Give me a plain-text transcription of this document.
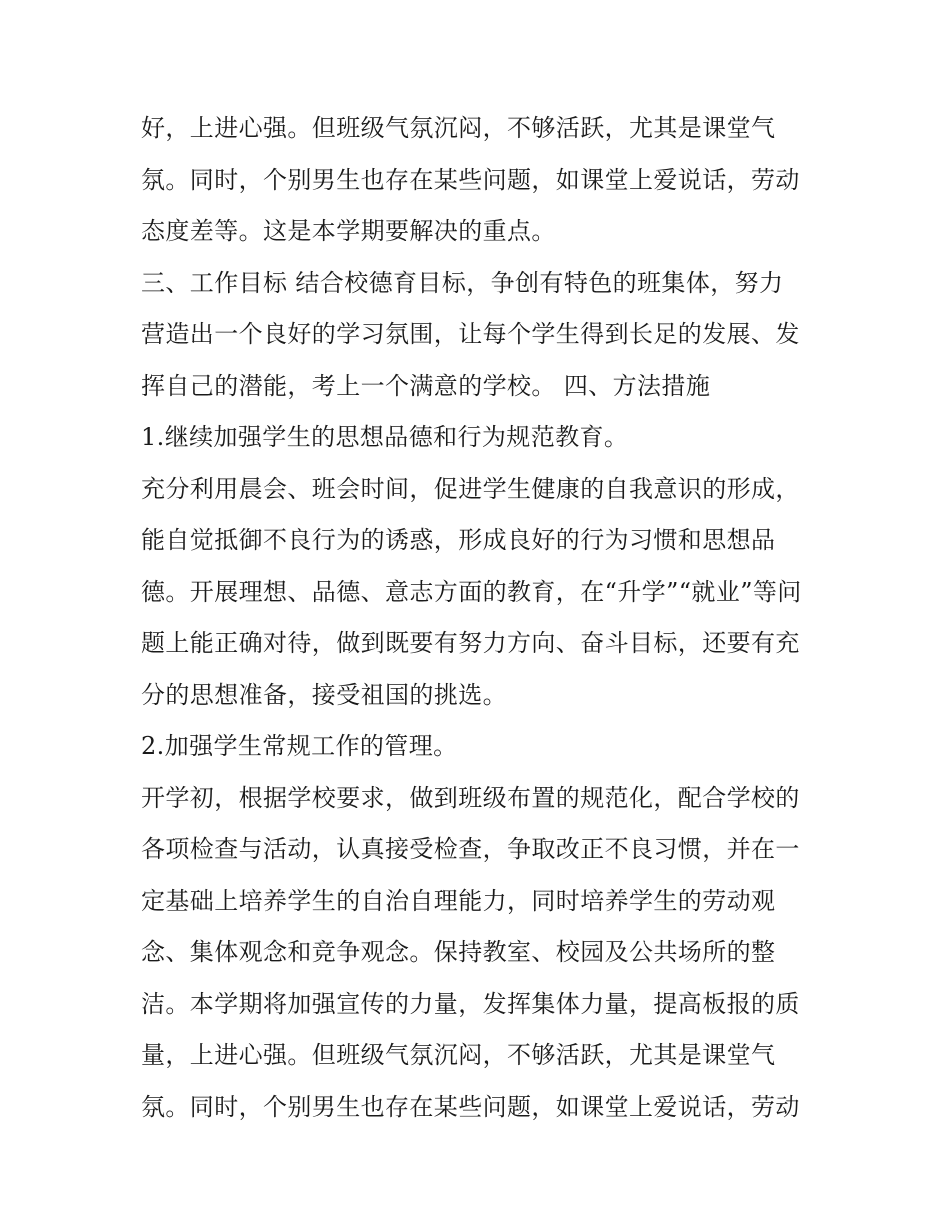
好，上进心强。但班级气氛沉闷，不够活跃，尤其是课堂气
氛。同时，个别男生也存在某些问题，如课堂上爱说话，劳动
态度差等。这是本学期要解决的重点。
三、工作目标 结合校德育目标，争创有特色的班集体，努力
营造出一个良好的学习氛围，让每个学生得到长足的发展、发
挥自己的潜能，考上一个满意的学校。 四、方法措施
1.继续加强学生的思想品德和行为规范教育。
充分利用晨会、班会时间，促进学生健康的自我意识的形成，
能自觉抵御不良行为的诱惑，形成良好的行为习惯和思想品
德。开展理想、品德、意志方面的教育，在“升学”“就业”等问
题上能正确对待，做到既要有努力方向、奋斗目标，还要有充
分的思想准备，接受祖国的挑选。
2.加强学生常规工作的管理。
开学初，根据学校要求，做到班级布置的规范化，配合学校的
各项检查与活动，认真接受检查，争取改正不良习惯，并在一
定基础上培养学生的自治自理能力，同时培养学生的劳动观
念、集体观念和竞争观念。保持教室、校园及公共场所的整
洁。本学期将加强宣传的力量，发挥集体力量，提高板报的质
量，上进心强。但班级气氛沉闷，不够活跃，尤其是课堂气
氛。同时，个别男生也存在某些问题，如课堂上爱说话，劳动
